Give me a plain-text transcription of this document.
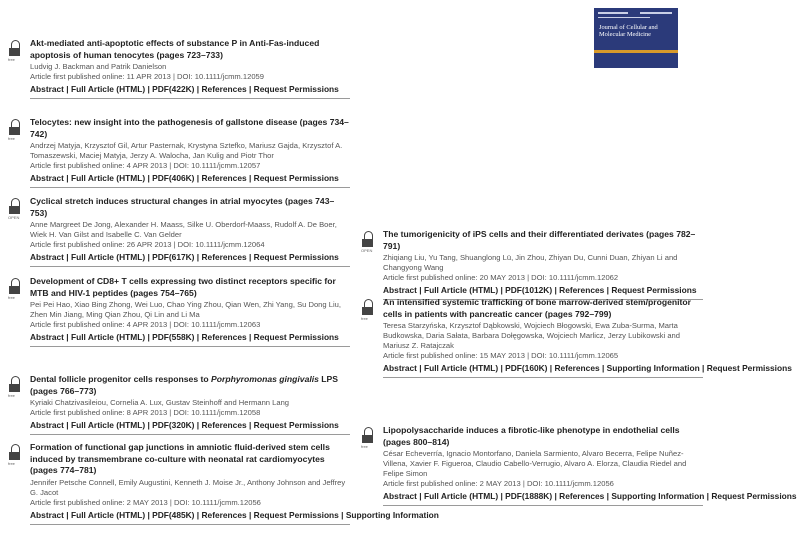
Journal of Cellular and Molecular Medicine
free
Akt-mediated anti-apoptotic effects of substance P in Anti-Fas-induced apoptosis of human tenocytes (pages 723–733)
Ludvig J. Backman and Patrik Danielson
Article first published online: 11 APR 2013 | DOI: 10.1111/jcmm.12059
Abstract | Full Article (HTML) | PDF(422K) | References | Request Permissions
free
Telocytes: new insight into the pathogenesis of gallstone disease (pages 734–742)
Andrzej Matyja, Krzysztof Gil, Artur Pasternak, Krystyna Sztefko, Mariusz Gajda, Krzysztof A. Tomaszewski, Maciej Matyja, Jerzy A. Walocha, Jan Kulig and Piotr Thor
Article first published online: 4 APR 2013 | DOI: 10.1111/jcmm.12057
Abstract | Full Article (HTML) | PDF(406K) | References | Request Permissions
OPEN
Cyclical stretch induces structural changes in atrial myocytes (pages 743–753)
Anne Margreet De Jong, Alexander H. Maass, Silke U. Oberdorf-Maass, Rudolf A. De Boer, Wiek H. Van Gilst and Isabelle C. Van Gelder
Article first published online: 26 APR 2013 | DOI: 10.1111/jcmm.12064
Abstract | Full Article (HTML) | PDF(617K) | References | Request Permissions
free
Development of CD8+ T cells expressing two distinct receptors specific for MTB and HIV-1 peptides (pages 754–765)
Pei Pei Hao, Xiao Bing Zhong, Wei Luo, Chao Ying Zhou, Qian Wen, Zhi Yang, Su Dong Liu, Zhen Min Jiang, Ming Qian Zhou, Qi Lin and Li Ma
Article first published online: 4 APR 2013 | DOI: 10.1111/jcmm.12063
Abstract | Full Article (HTML) | PDF(558K) | References | Request Permissions
free
Dental follicle progenitor cells responses to Porphyromonas gingivalis LPS (pages 766–773)
Kyriaki Chatzivasileiou, Cornelia A. Lux, Gustav Steinhoff and Hermann Lang
Article first published online: 8 APR 2013 | DOI: 10.1111/jcmm.12058
Abstract | Full Article (HTML) | PDF(320K) | References | Request Permissions
free
Formation of functional gap junctions in amniotic fluid-derived stem cells induced by transmembrane co-culture with neonatal rat cardiomyocytes (pages 774–781)
Jennifer Petsche Connell, Emily Augustini, Kenneth J. Moise Jr., Anthony Johnson and Jeffrey G. Jacot
Article first published online: 2 MAY 2013 | DOI: 10.1111/jcmm.12056
Abstract | Full Article (HTML) | PDF(485K) | References | Request Permissions | Supporting Information
OPEN
The tumorigenicity of iPS cells and their differentiated derivates (pages 782–791)
Zhiqiang Liu, Yu Tang, Shuanglong Lü, Jin Zhou, Zhiyan Du, Cunni Duan, Zhiyan Li and Changyong Wang
Article first published online: 20 MAY 2013 | DOI: 10.1111/jcmm.12062
Abstract | Full Article (HTML) | PDF(1012K) | References | Request Permissions
free
An intensified systemic trafficking of bone marrow-derived stem/progenitor cells in patients with pancreatic cancer (pages 792–799)
Teresa Starzyńska, Krzysztof Dąbkowski, Wojciech Błogowski, Ewa Zuba-Surma, Marta Budkowska, Daria Sałata, Barbara Dołęgowska, Wojciech Marlicz, Jerzy Lubikowski and Mariusz Z. Ratajczak
Article first published online: 15 MAY 2013 | DOI: 10.1111/jcmm.12065
Abstract | Full Article (HTML) | PDF(160K) | References | Supporting Information | Request Permissions
free
Lipopolysaccharide induces a fibrotic-like phenotype in endothelial cells (pages 800–814)
César Echeverría, Ignacio Montorfano, Daniela Sarmiento, Alvaro Becerra, Felipe Nuñez-Villena, Xavier F. Figueroa, Claudio Cabello-Verrugio, Alvaro A. Elorza, Claudia Riedel and Felipe Simon
Article first published online: 2 MAY 2013 | DOI: 10.1111/jcmm.12056
Abstract | Full Article (HTML) | PDF(1888K) | References | Supporting Information | Request Permissions
